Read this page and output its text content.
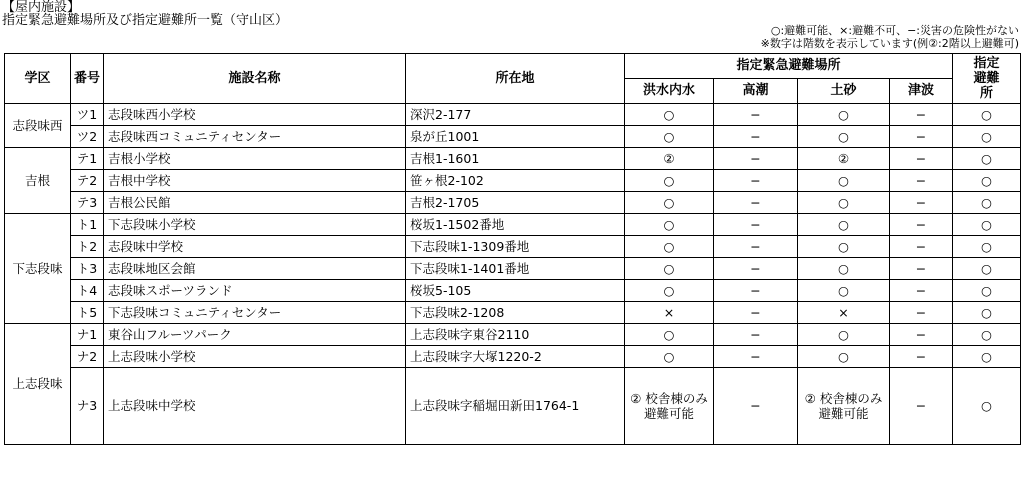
【屋内施設】
指定緊急避難場所及び指定避難所一覧（守山区）
○:避難可能、×:避難不可、−:災害の危険性がない
※数字は階数を表示しています(例②:2階以上避難可)
学区	番号	施設名称	所在地	指定緊急避難場所				指定避難所
				洪水内水	高潮	土砂	津波	
志段味西	ツ1	志段味西小学校	深沢2-177	○	−	○	−	○
	ツ2	志段味西コミュニティセンター	泉が丘1001	○	−	○	−	○
吉根	テ1	吉根小学校	吉根1-1601	②	−	②	−	○
	テ2	吉根中学校	笹ヶ根2-102	○	−	○	−	○
	テ3	吉根公民館	吉根2-1705	○	−	○	−	○
下志段味	ト1	下志段味小学校	桜坂1-1502番地	○	−	○	−	○
	ト2	志段味中学校	下志段味1-1309番地	○	−	○	−	○
	ト3	志段味地区会館	下志段味1-1401番地	○	−	○	−	○
	ト4	志段味スポーツランド	桜坂5-105	○	−	○	−	○
	ト5	下志段味コミュニティセンター	下志段味2-1208	×	−	×	−	○
上志段味	ナ1	東谷山フルーツパーク	上志段味字東谷2110	○	−	○	−	○
	ナ2	上志段味小学校	上志段味字大塚1220-2	○	−	○	−	○
	ナ3	上志段味中学校	上志段味字稲堀田新田1764-1	② 校舎棟のみ 避難可能	−	② 校舎棟のみ 避難可能	−	○
